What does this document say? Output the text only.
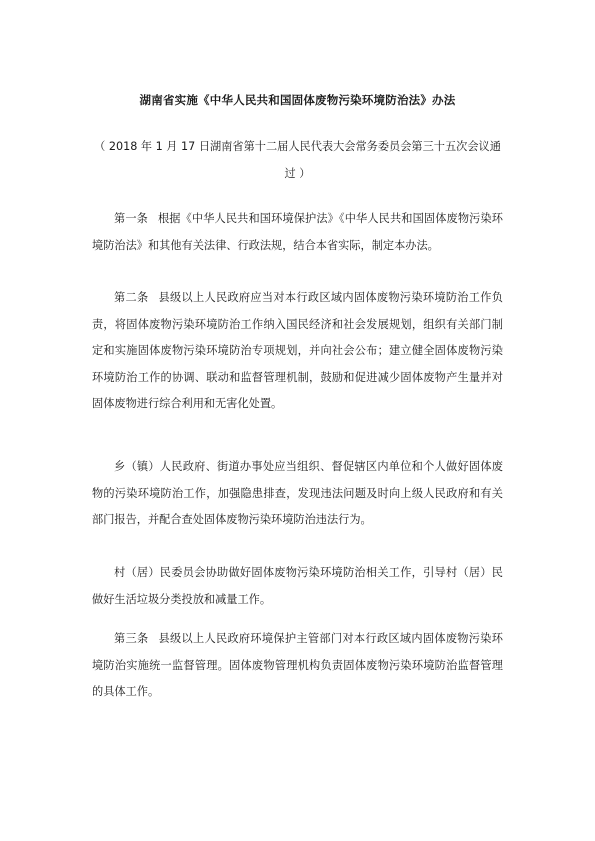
湖南省实施《中华人民共和国固体废物污染环境防治法》办法
（ 2018 年 1 月 17 日湖南省第十二届人民代表大会常务委员会第三十五次会议通过 ）
第一条 根据《中华人民共和国环境保护法》《中华人民共和国固体废物污染环境防治法》和其他有关法律、行政法规，结合本省实际，制定本办法。
第二条 县级以上人民政府应当对本行政区域内固体废物污染环境防治工作负责，将固体废物污染环境防治工作纳入国民经济和社会发展规划，组织有关部门制定和实施固体废物污染环境防治专项规划，并向社会公布；建立健全固体废物污染环境防治工作的协调、联动和监督管理机制，鼓励和促进减少固体废物产生量并对固体废物进行综合利用和无害化处置。
乡（镇）人民政府、街道办事处应当组织、督促辖区内单位和个人做好固体废物的污染环境防治工作，加强隐患排查，发现违法问题及时向上级人民政府和有关部门报告，并配合查处固体废物污染环境防治违法行为。
村（居）民委员会协助做好固体废物污染环境防治相关工作，引导村（居）民做好生活垃圾分类投放和减量工作。
第三条 县级以上人民政府环境保护主管部门对本行政区域内固体废物污染环境防治实施统一监督管理。固体废物管理机构负责固体废物污染环境防治监督管理的具体工作。
